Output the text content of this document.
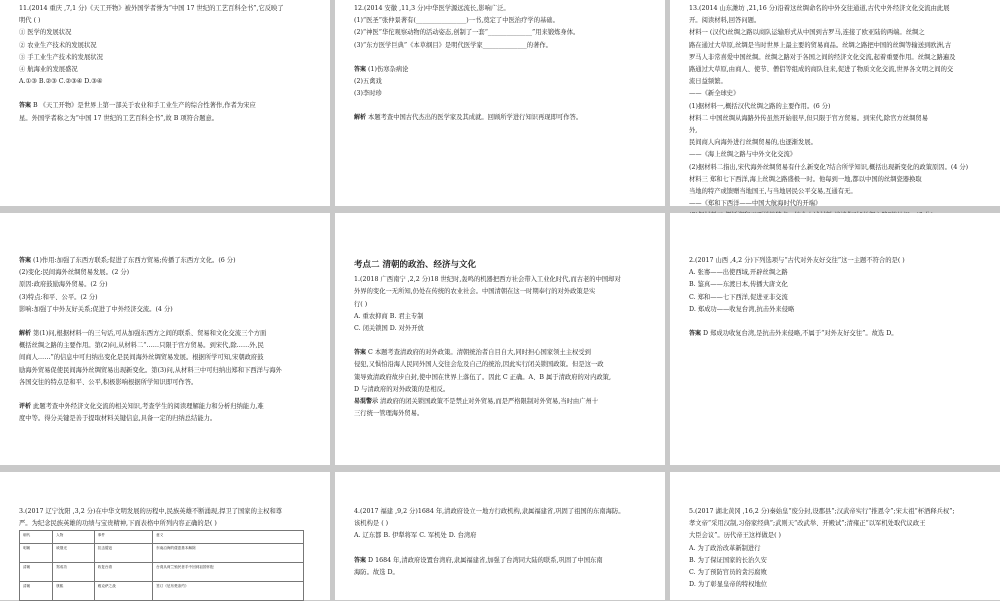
11.(2014 重庆 ,7,1 分)《天工开物》被外国学者誉为“中国 17 世纪的工艺百科全书”,它反映了
明代 ( )
① 医学的发展状况
② 农业生产技术的发展状况
③ 手工业生产技术的发展状况
④ 航海业的发展盛况
A.①③ B.②③ C.②③④ D.③④
答案 B 《天工开物》是世界上第一部关于农业和手工业生产的综合性著作,作者为宋应
星。外国学者称之为“中国 17 世纪的工艺百科全书”,故 B 项符合题意。
12.(2014 安徽 ,11,3 分)中华医学源远流长,影响广泛。
(1)“医圣”张仲景著有(________________)一书,奠定了中医治疗学的基础。
(2)“神医”华佗观察动物的活动姿态,创制了一套“______________”用来锻炼身体。
(3)“东方医学巨典”《本草纲目》是明代医学家______________的著作。
答案 (1)伤寒杂病论
(2)五禽戏
(3)李时珍
解析 本题考查中国古代杰出的医学家及其成就。回顾所学进行知识再现即可作答。
13.(2014 山东潍坊 ,21,16 分)沿着这丝绸命名的中外交往通道,古代中外经济文化交流由此展
开。阅读材料,回答问题。
材料一 (汉代)丝绸之路以商队运输形式从中国到古罗马,连接了欧亚陆的两端。丝绸之
路在通过大草原,丝绸是当时世界上最主要的贸易商品。丝绸之路把中国的丝绸等输送到欧洲,古
罗马人非常喜爱中国丝绸。丝绸之路对于各国之间的经济文化交流,起着重要作用。丝绸之路遍及
路通过大草原,由商人、使节、僧侣等组成的商队往来,促进了物质文化交流,世界各文明之间的交
流日益频繁。
——《新全球史》
(1)据材料一,概括汉代丝绸之路的主要作用。(6 分)
材料二 中国丝绸从海路外传虽然开始很早,但只限于官方贸易。到宋代,除官方丝绸贸易
外,
民间商人向海外进行丝绸贸易的,也逐渐发展。
——《海上丝绸之路与中外文化交流》
(2)据材料二指出,宋代海外丝绸贸易有什么新变化?结合所学知识,概括出现新变化的政策原因。(4 分)
材料三 郑和七下西洋,海上丝绸之路盛极一时。他每到一地,都以中国的丝绸瓷器换取
当地的特产或馈赠当地国王,与当地居民公平交易,互通有无。
——《郑和下西洋——中国大航海时代的开端》
答案 (1)作用:加强了东西方联系;促进了东西方贸易;传播了东西方文化。(6 分)
(2)变化:民间海外丝绸贸易发展。(2 分)
原因:政府鼓励海外贸易。(2 分)
(3)特点:和平、公平。(2 分)
影响:加强了中外友好关系;促进了中外经济交流。(4 分)
解析 第(1)问,根据材料一的三句话,可从加强东西方之间的联系、贸易和文化交流三个方面
概括丝绸之路的主要作用。第(2)问,从材料二“……只限于官方贸易。到宋代,除……外,民
间商人……”的信息中可归纳出变化是民间海外丝绸贸易发展。根据所学可知,宋朝政府鼓
励海外贸易促使民间海外丝绸贸易出现新变化。第(3)问,从材料三中可归纳出郑和下西洋与海外
各国交往的特点是和平、公平,积极影响根据所学知识即可作答。
评析 此题考查中外经济文化交流的相关知识,考查学生的阅读理解能力和分析归纳能力,难
度中等。得分关键是善于提取材料关键信息,具备一定的归纳总结能力。
考点二 清朝的政治、经济与文化
1.(2018 广西南宁 ,2,2 分)18 世纪时,轰鸣的机器把西方社会带入工业化时代,而古老的中国却对
外界的变化一无所知,仍处在传统的农业社会。中国清朝在这一时期奉行的对外政策是实
行( )
A. 重农抑商 B. 君主专制
C. 闭关锁国 D. 对外开放
答案 C 本题考查清政府的对外政策。清朝统治者自目自大,同时担心国家领土主权受到
侵犯,又惧怕沿海人民同外国人交往会危及自己的统治,因此实行闭关锁国政策。但是这一政
策导致清政府故步自封,使中国在世界上落伍了。因此 C 正确。A、B 属于清政府的对内政策,
D 与清政府的对外政策的是相反。
易混警示 清政府的闭关锁国政策不是禁止对外贸易,而是严格限制对外贸易,当时由广州十
三行统一管理海外贸易。
2.(2017 山西 ,4,2 分)下列选项与“古代对外友好交往”这一主题不符合的是( )
A. 张骞——出使西域,开辟丝绸之路
B. 鉴真——东渡日本,传播大唐文化
C. 郑和——七下西洋,促进亚非交流
D. 郑成功——收复台湾,抗击外来侵略
答案 D 郑成功收复台湾,是抗击外来侵略,不属于“对外友好交往”。故选 D。
3.(2017 辽宁沈阳 ,3,2 分)在中华文明发展的历程中,民族英雄不断涌现,捍卫了国家的主权和尊
严。为纪念民族英雄的功绩与宝贵精神,下面表格中所列内容正确的是( )
朝代	人物	事件	意义
明朝	戚继光	抗击倭寇	东南沿海的倭患基本解除
清朝	郑成功	收复台湾	台湾从荷兰殖民者手中回到祖国怀抱
清朝	康熙	雅克萨之战	签订《尼布楚条约》
4.(2017 福建 ,9,2 分)1684 年,清政府设立一地方行政机构,隶属福建省,巩固了祖国的东南海防。
该机构是 ( )
A. 辽东都 B. 伊犁将军 C. 军机处 D. 台湾府
答案 D 1684 年,清政府设置台湾府,隶属福建省,加强了台湾同大陆的联系,巩固了中国东南
海防。故选 D。
5.(2017 湖北黄冈 ,16,2 分)秦始皇“废分封,设郡县”;汉武帝实行“推恩令”;宋太祖“杯酒释兵权”;
孝文帝“采用汉制,习俗家经典”;武则天“改武举、开殿试”;清雍正“以军机处取代议政王
大臣会议”。历代帝王这样做是( )
A. 为了政治改革新制进行
B. 为了保证国家的长治久安
C. 为了预防官员的贪污腐败
D. 为了彰显皇帝的特权地位
